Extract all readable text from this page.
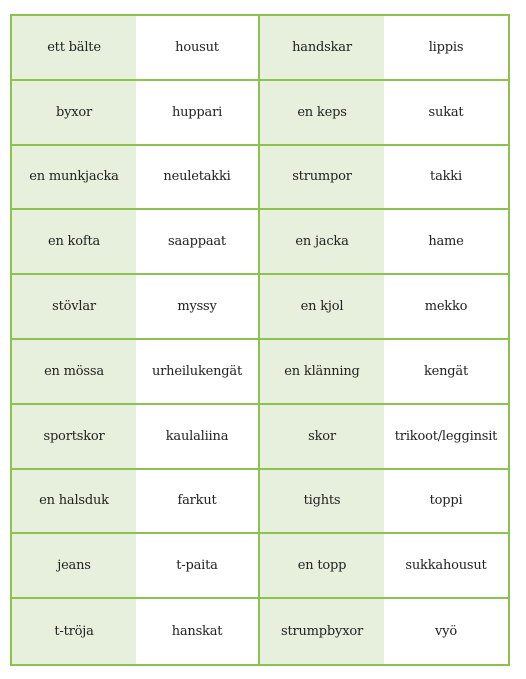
ett bälte	housut	handskar	lippis
byxor	huppari	en keps	sukat
en munkjacka	neuletakki	strumpor	takki
en kofta	saappaat	en jacka	hame
stövlar	myssy	en kjol	mekko
en mössa	urheilukengät	en klänning	kengät
sportskor	kaulaliina	skor	trikoot/legginsit
en halsduk	farkut	tights	toppi
jeans	t-paita	en topp	sukkahousut
t-tröja	hanskat	strumpbyxor	vyö
